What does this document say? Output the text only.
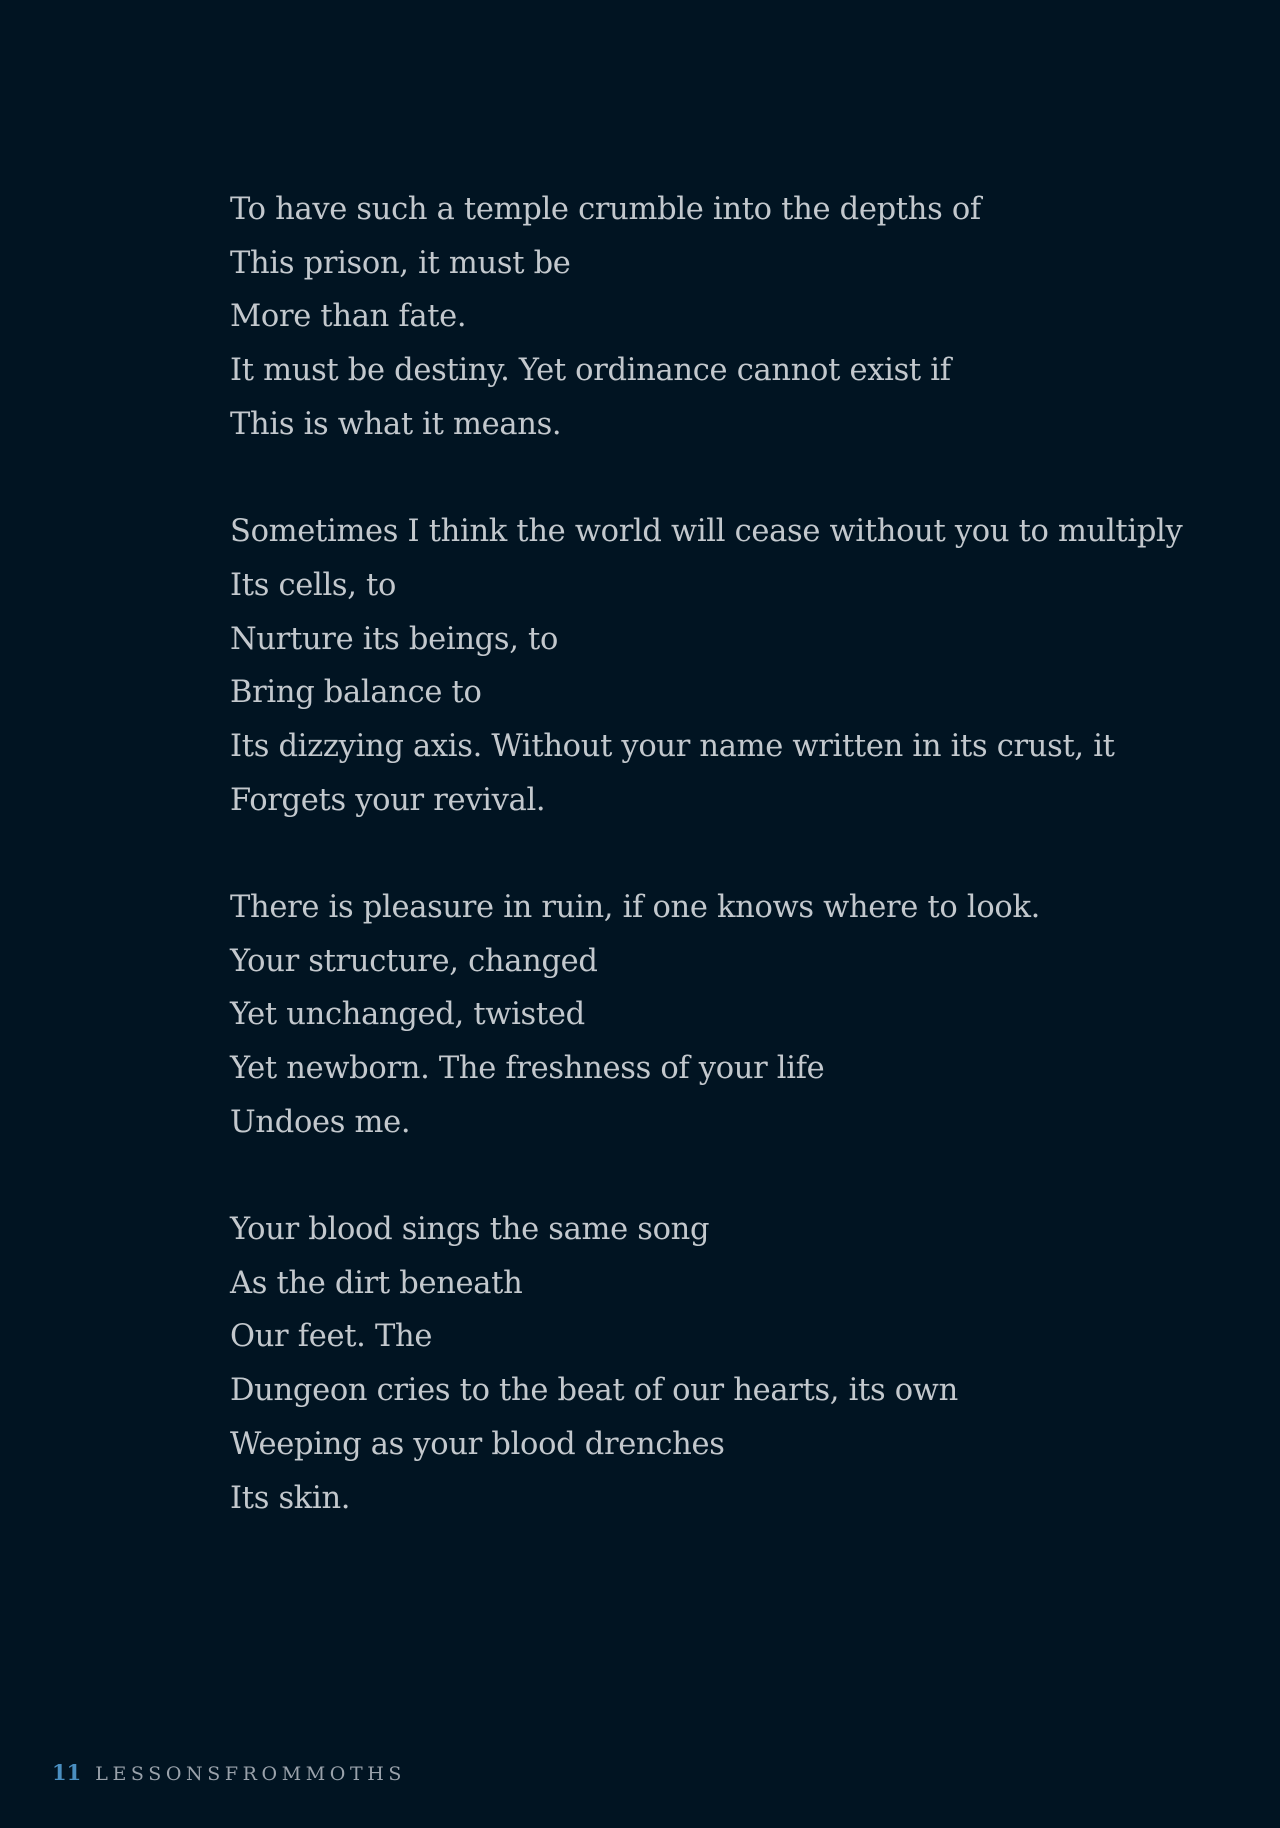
To have such a temple crumble into the depths of
This prison, it must be
More than fate.
It must be destiny. Yet ordinance cannot exist if
This is what it means.
Sometimes I think the world will cease without you to multiply
Its cells, to
Nurture its beings, to
Bring balance to
Its dizzying axis. Without your name written in its crust, it
Forgets your revival.
There is pleasure in ruin, if one knows where to look.
Your structure, changed
Yet unchanged, twisted
Yet newborn. The freshness of your life
Undoes me.
Your blood sings the same song
As the dirt beneath
Our feet. The
Dungeon cries to the beat of our hearts, its own
Weeping as your blood drenches
Its skin.
11 LESSONSFROMMOTHS
